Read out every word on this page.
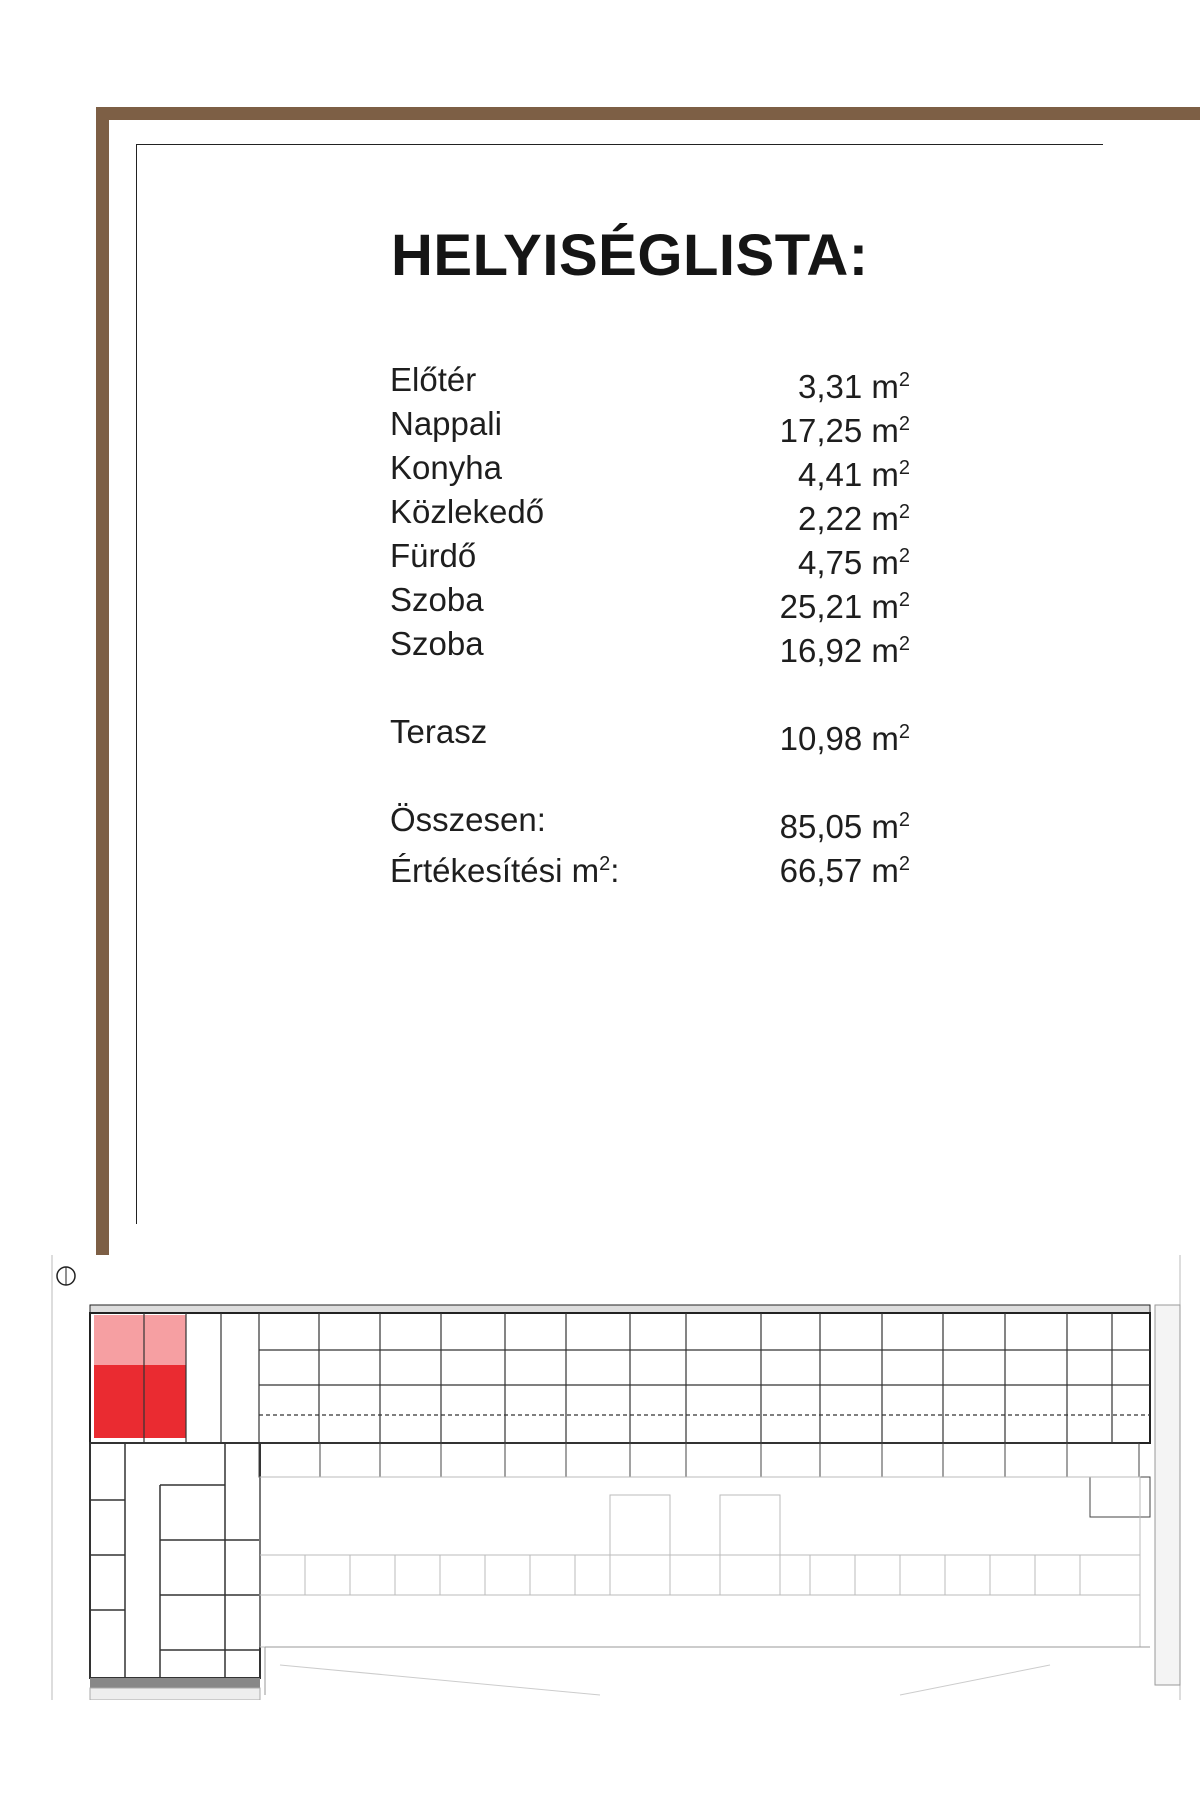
HELYISÉGLISTA:
Előtér	3,31 $m^2$
Nappali	17,25 $m^2$
Konyha	4,41 $m^2$
Közlekedő	2,22 $m^2$
Fürdő	4,75 $m^2$
Szoba	25,21 $m^2$
Szoba	16,92 $m^2$
Terasz	10,98 $m^2$
Összesen:	85,05 $m^2$
Értékesítési $m^2$:	66,57 $m^2$
